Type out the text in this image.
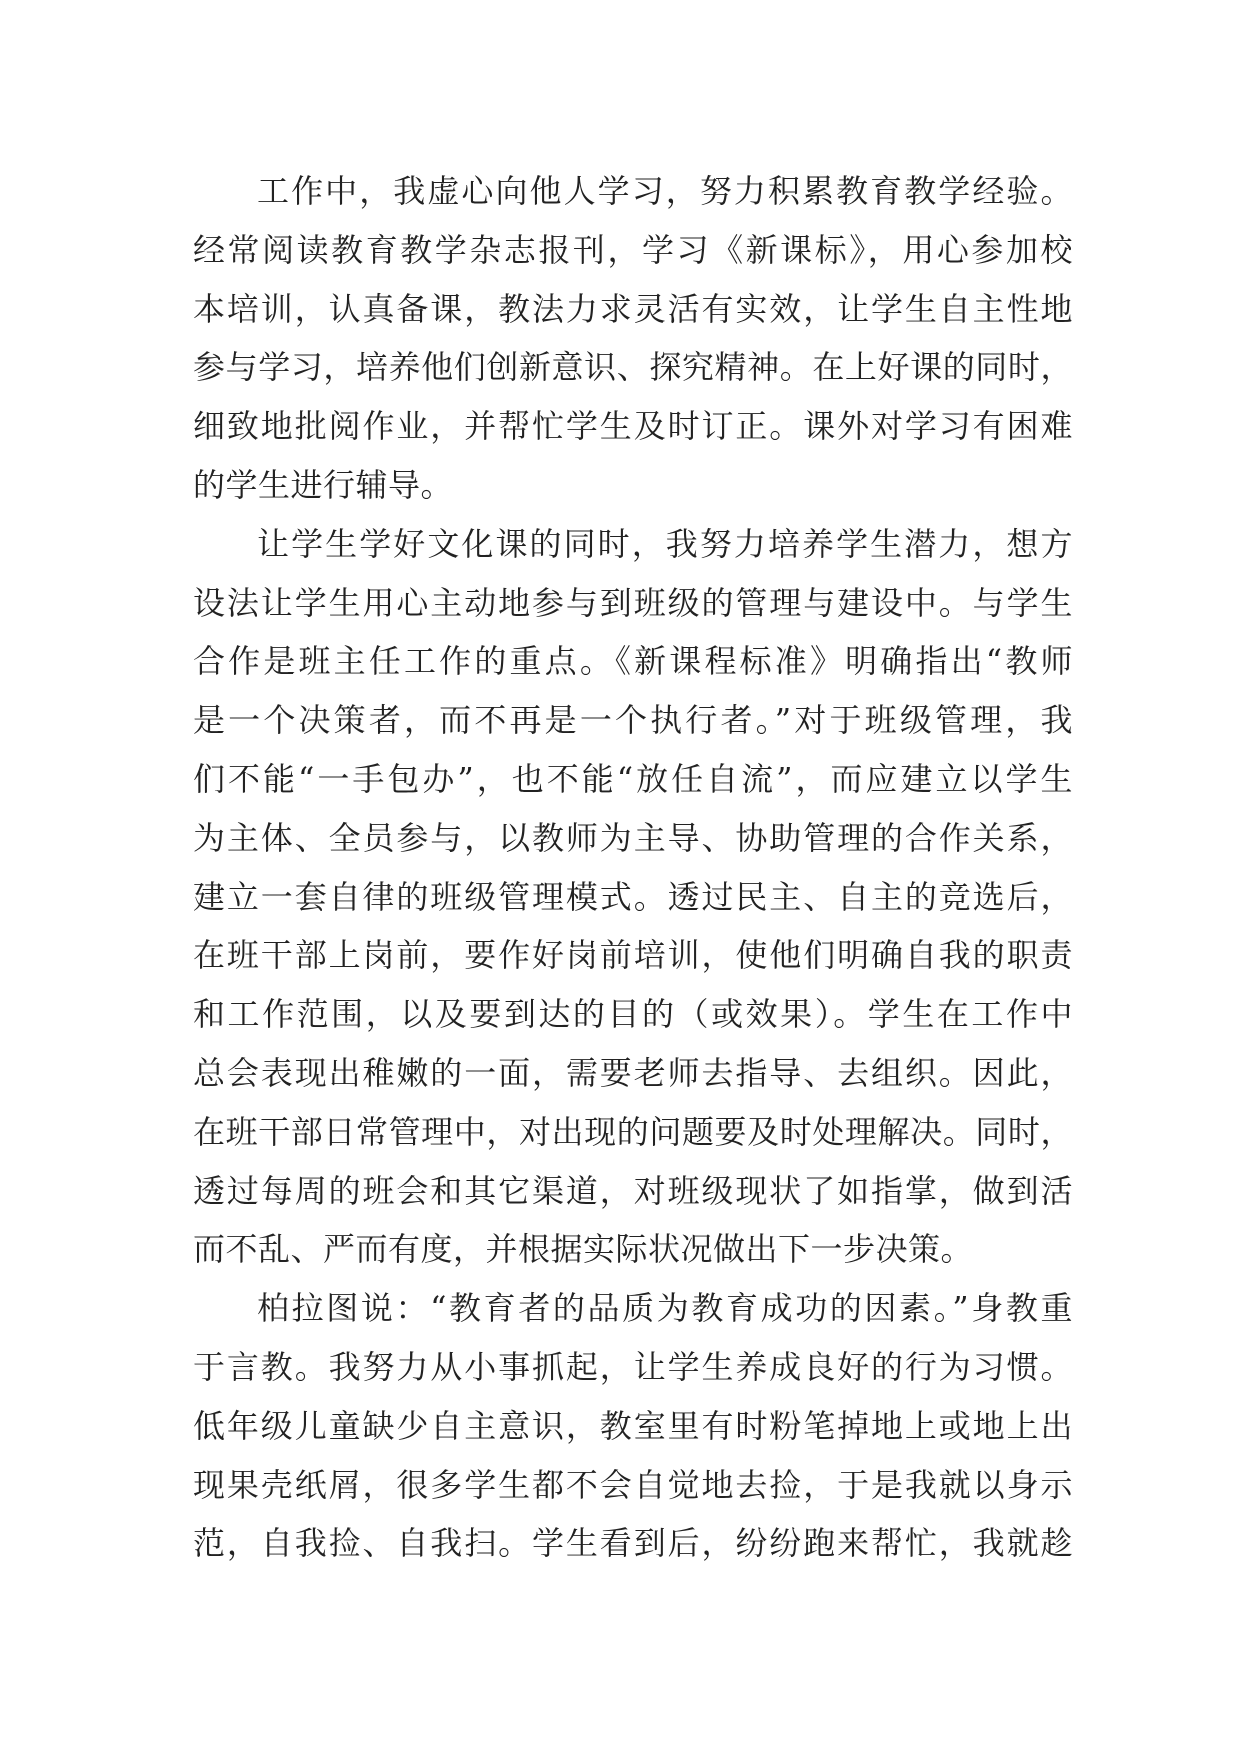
工作中，我虚心向他人学习，努力积累教育教学经验。
经常阅读教育教学杂志报刊，学习《新课标》，用心参加校
本培训，认真备课，教法力求灵活有实效，让学生自主性地
参与学习，培养他们创新意识、探究精神。在上好课的同时，
细致地批阅作业，并帮忙学生及时订正。课外对学习有困难
的学生进行辅导。
让学生学好文化课的同时，我努力培养学生潜力，想方
设法让学生用心主动地参与到班级的管理与建设中。与学生
合作是班主任工作的重点。《新课程标准》明确指出“教师
是一个决策者，而不再是一个执行者。”对于班级管理，我
们不能“一手包办”，也不能“放任自流”，而应建立以学生
为主体、全员参与，以教师为主导、协助管理的合作关系，
建立一套自律的班级管理模式。透过民主、自主的竞选后，
在班干部上岗前，要作好岗前培训，使他们明确自我的职责
和工作范围，以及要到达的目的（或效果）。学生在工作中
总会表现出稚嫩的一面，需要老师去指导、去组织。因此，
在班干部日常管理中，对出现的问题要及时处理解决。同时，
透过每周的班会和其它渠道，对班级现状了如指掌，做到活
而不乱、严而有度，并根据实际状况做出下一步决策。
柏拉图说：“教育者的品质为教育成功的因素。”身教重
于言教。我努力从小事抓起，让学生养成良好的行为习惯。
低年级儿童缺少自主意识，教室里有时粉笔掉地上或地上出
现果壳纸屑，很多学生都不会自觉地去捡，于是我就以身示
范，自我捡、自我扫。学生看到后，纷纷跑来帮忙，我就趁
